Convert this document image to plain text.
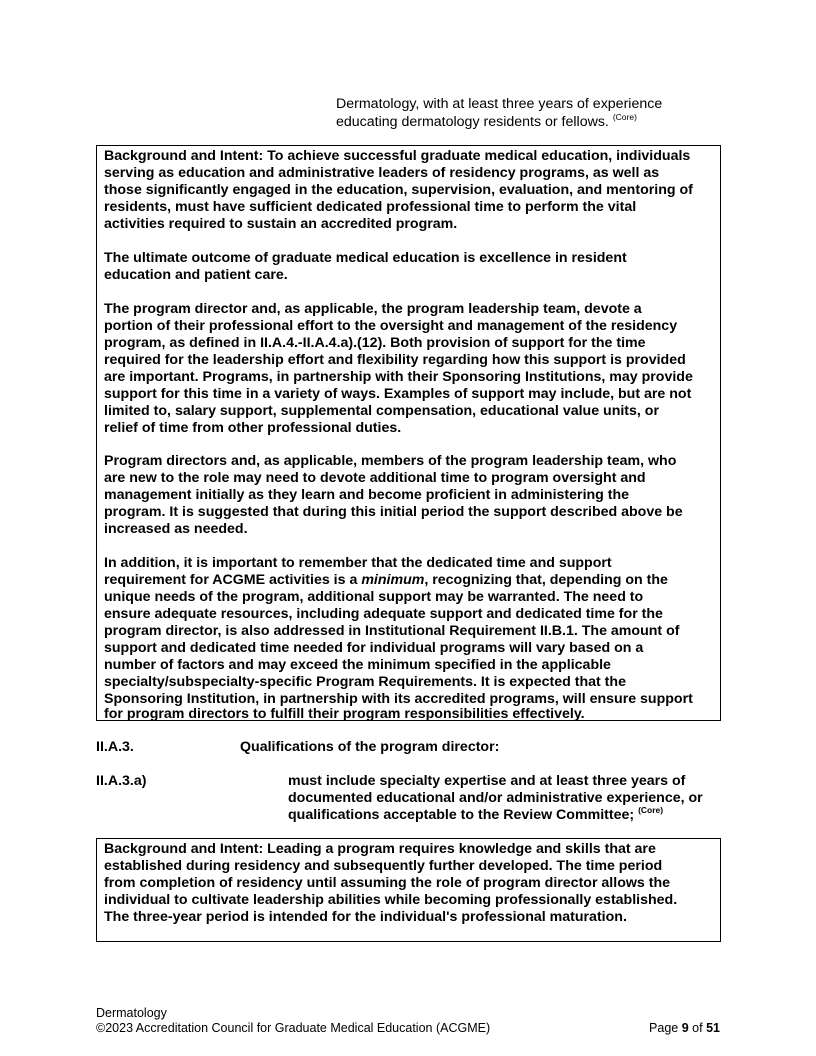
Dermatology, with at least three years of experience
educating dermatology residents or fellows. $^{(Core)}$
Background and Intent: To achieve successful graduate medical education, individuals
serving as education and administrative leaders of residency programs, as well as
those significantly engaged in the education, supervision, evaluation, and mentoring of
residents, must have sufficient dedicated professional time to perform the vital
activities required to sustain an accredited program.
The ultimate outcome of graduate medical education is excellence in resident
education and patient care.
The program director and, as applicable, the program leadership team, devote a
portion of their professional effort to the oversight and management of the residency
program, as defined in II.A.4.-II.A.4.a).(12). Both provision of support for the time
required for the leadership effort and flexibility regarding how this support is provided
are important. Programs, in partnership with their Sponsoring Institutions, may provide
support for this time in a variety of ways. Examples of support may include, but are not
limited to, salary support, supplemental compensation, educational value units, or
relief of time from other professional duties.
Program directors and, as applicable, members of the program leadership team, who
are new to the role may need to devote additional time to program oversight and
management initially as they learn and become proficient in administering the
program. It is suggested that during this initial period the support described above be
increased as needed.
In addition, it is important to remember that the dedicated time and support
requirement for ACGME activities is a minimum, recognizing that, depending on the
unique needs of the program, additional support may be warranted. The need to
ensure adequate resources, including adequate support and dedicated time for the
program director, is also addressed in Institutional Requirement II.B.1. The amount of
support and dedicated time needed for individual programs will vary based on a
number of factors and may exceed the minimum specified in the applicable
specialty/subspecialty-specific Program Requirements. It is expected that the
Sponsoring Institution, in partnership with its accredited programs, will ensure support
for program directors to fulfill their program responsibilities effectively.
II.A.3.	Qualifications of the program director:
II.A.3.a)	must include specialty expertise and at least three years of
documented educational and/or administrative experience, or
qualifications acceptable to the Review Committee; $^{(Core)}$
Background and Intent: Leading a program requires knowledge and skills that are
established during residency and subsequently further developed. The time period
from completion of residency until assuming the role of program director allows the
individual to cultivate leadership abilities while becoming professionally established.
The three-year period is intended for the individual's professional maturation.
Dermatology
©2023 Accreditation Council for Graduate Medical Education (ACGME)	Page 9 of 51
